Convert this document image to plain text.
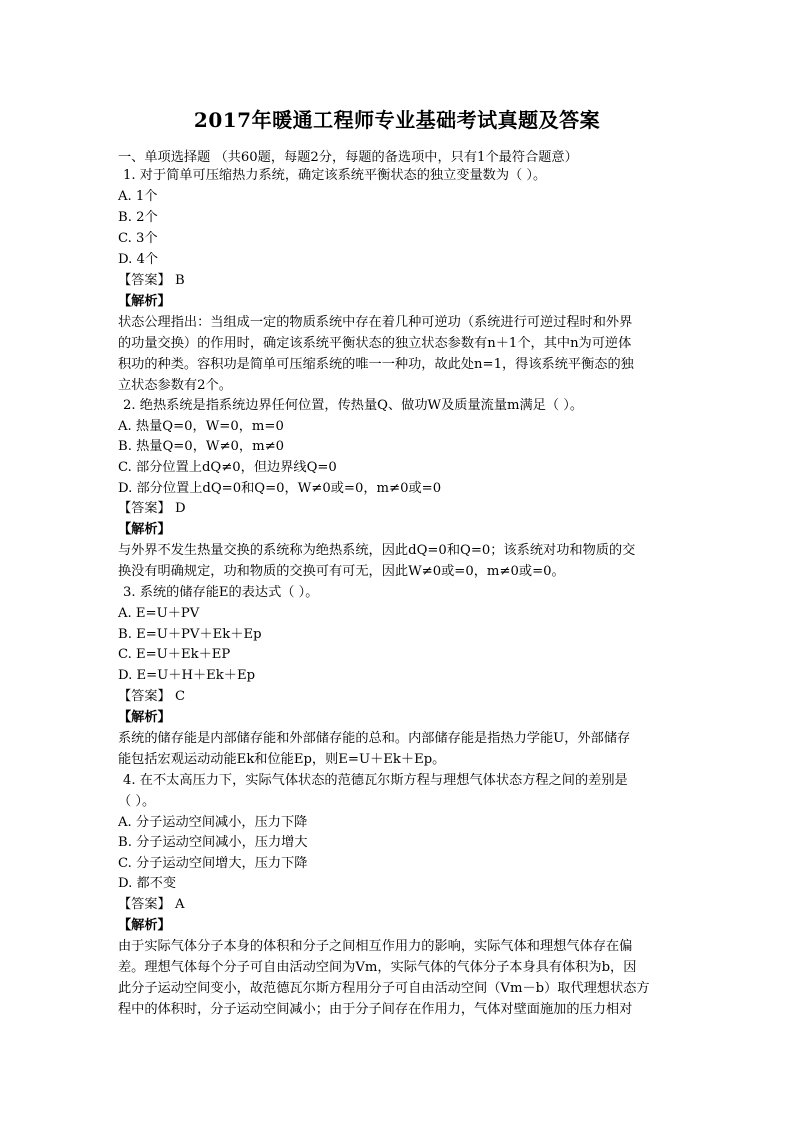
2017年暖通工程师专业基础考试真题及答案
一、单项选择题 （共60题，每题2分，每题的备选项中，只有1个最符合题意）
1. 对于简单可压缩热力系统，确定该系统平衡状态的独立变量数为（ ）。
A. 1个
B. 2个
C. 3个
D. 4个
【答案】 B
【解析】
状态公理指出：当组成一定的物质系统中存在着几种可逆功（系统进行可逆过程时和外界
的功量交换）的作用时，确定该系统平衡状态的独立状态参数有n＋1个，其中n为可逆体
积功的种类。容积功是简单可压缩系统的唯一一种功，故此处n=1，得该系统平衡态的独
立状态参数有2个。
2. 绝热系统是指系统边界任何位置，传热量Q、做功W及质量流量m满足（ ）。
A. 热量Q=0，W=0，m=0
B. 热量Q=0，W≠0，m≠0
C. 部分位置上dQ≠0，但边界线Q=0
D. 部分位置上dQ=0和Q=0，W≠0或=0，m≠0或=0
【答案】 D
【解析】
与外界不发生热量交换的系统称为绝热系统，因此dQ=0和Q=0；该系统对功和物质的交
换没有明确规定，功和物质的交换可有可无，因此W≠0或=0，m≠0或=0。
3. 系统的储存能E的表达式（ ）。
A. E=U＋PV
B. E=U＋PV＋Ek＋Ep
C. E=U＋Ek＋EP
D. E=U＋H＋Ek＋Ep
【答案】 C
【解析】
系统的储存能是内部储存能和外部储存能的总和。内部储存能是指热力学能U，外部储存
能包括宏观运动动能Ek和位能Ep，则E=U＋Ek＋Ep。
4. 在不太高压力下，实际气体状态的范德瓦尔斯方程与理想气体状态方程之间的差别是
（ ）。
A. 分子运动空间减小，压力下降
B. 分子运动空间减小，压力增大
C. 分子运动空间增大，压力下降
D. 都不变
【答案】 A
【解析】
由于实际气体分子本身的体积和分子之间相互作用力的影响，实际气体和理想气体存在偏
差。理想气体每个分子可自由活动空间为Vm，实际气体的气体分子本身具有体积为b，因
此分子运动空间变小，故范德瓦尔斯方程用分子可自由活动空间（Vm－b）取代理想状态方
程中的体积时，分子运动空间减小；由于分子间存在作用力，气体对壁面施加的压力相对
